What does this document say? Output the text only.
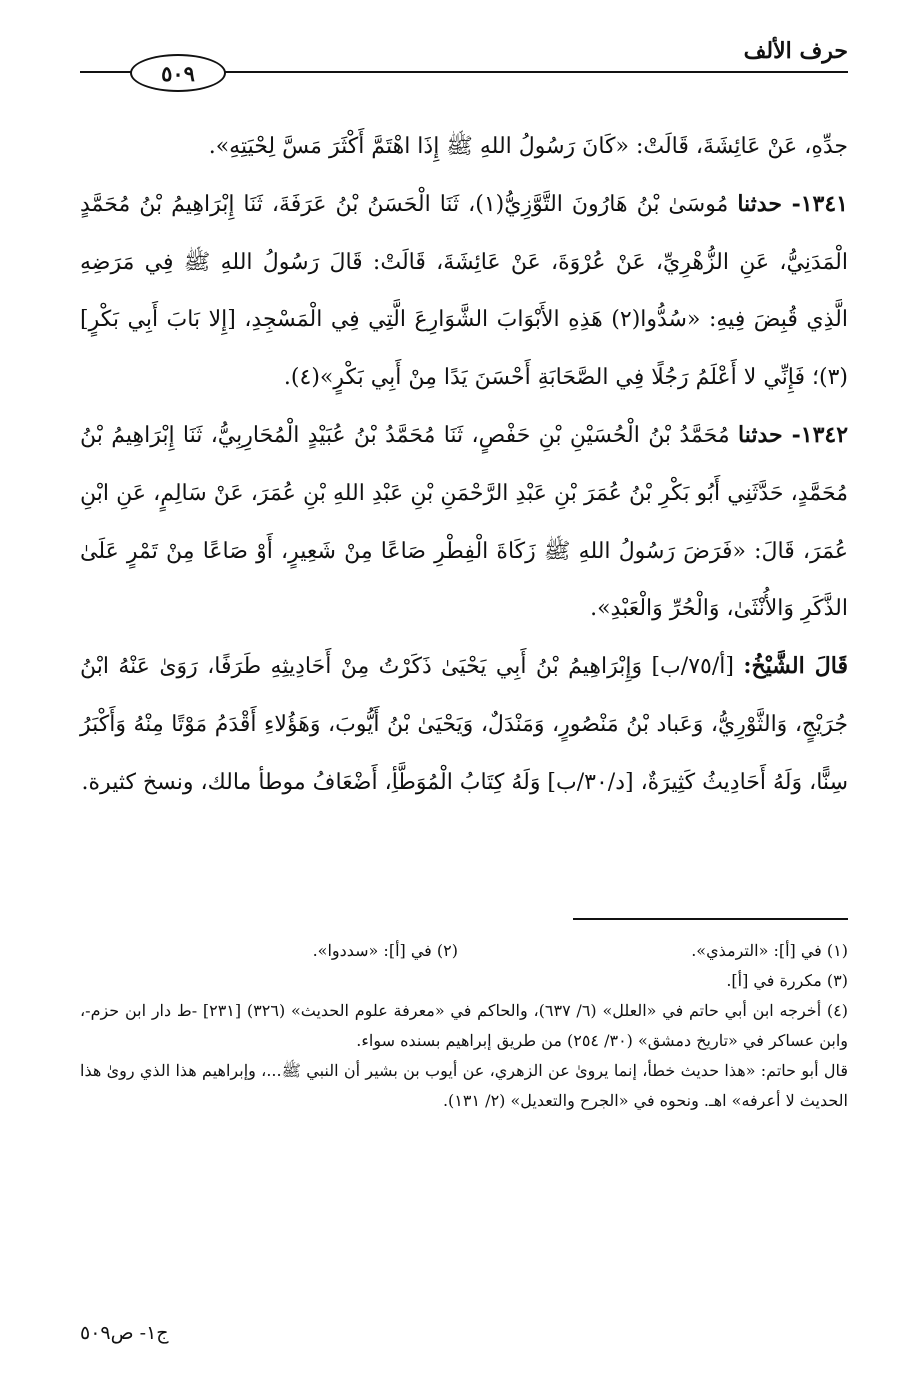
حرف الألف
٥٠٩

جدِّهِ، عَنْ عَائِشَةَ، قَالَتْ: «كَانَ رَسُولُ اللهِ ﷺ إِذَا اهْتَمَّ أَكْثَرَ مَسَّ لِحْيَتِهِ».

١٣٤١- حدثنا مُوسَىٰ بْنُ هَارُونَ التَّوَّزِيُّ(١)، ثَنَا الْحَسَنُ بْنُ عَرَفَةَ، ثَنَا إِبْرَاهِيمُ بْنُ مُحَمَّدٍ الْمَدَنِيُّ، عَنِ الزُّهْرِيِّ، عَنْ عُرْوَةَ، عَنْ عَائِشَةَ، قَالَتْ: قَالَ رَسُولُ اللهِ ﷺ فِي مَرَضِهِ الَّذِي قُبِضَ فِيهِ: «سُدُّوا(٢) هَذِهِ الأَبْوَابَ الشَّوَارِعَ الَّتِي فِي الْمَسْجِدِ، [إِلا بَابَ أَبِي بَكْرٍ](٣)؛ فَإِنِّي لا أَعْلَمُ رَجُلًا فِي الصَّحَابَةِ أَحْسَنَ يَدًا مِنْ أَبِي بَكْرٍ»(٤).

١٣٤٢- حدثنا مُحَمَّدُ بْنُ الْحُسَيْنِ بْنِ حَفْصٍ، ثَنَا مُحَمَّدُ بْنُ عُبَيْدٍ الْمُحَارِبِيُّ، ثَنَا إِبْرَاهِيمُ بْنُ مُحَمَّدٍ، حَدَّثَنِي أَبُو بَكْرِ بْنُ عُمَرَ بْنِ عَبْدِ الرَّحْمَنِ بْنِ عَبْدِ اللهِ بْنِ عُمَرَ، عَنْ سَالِمٍ، عَنِ ابْنِ عُمَرَ، قَالَ: «فَرَضَ رَسُولُ اللهِ ﷺ زَكَاةَ الْفِطْرِ صَاعًا مِنْ شَعِيرٍ، أَوْ صَاعًا مِنْ تَمْرٍ عَلَىٰ الذَّكَرِ وَالأُنْثَىٰ، وَالْحُرِّ وَالْعَبْدِ».

قَالَ الشَّيْخُ: [أ/٧٥/ب] وَإِبْرَاهِيمُ بْنُ أَبِي يَحْيَىٰ ذَكَرْتُ مِنْ أَحَادِيثِهِ طَرَفًا، رَوَىٰ عَنْهُ ابْنُ جُرَيْجٍ، وَالثَّوْرِيُّ، وَعَباد بْنُ مَنْصُورٍ، وَمَنْدَلٌ، وَيَحْيَىٰ بْنُ أَيُّوبَ، وَهَؤُلاءِ أَقْدَمُ مَوْتًا مِنْهُ وَأَكْبَرُ سِنًّا، وَلَهُ أَحَادِيثُ كَثِيرَةٌ، [د/٣٠/ب] وَلَهُ كِتَابُ الْمُوَطَّأِ، أَضْعَافُ موطأ مالك، ونسخ كثيرة.

(١) في [أ]: «الترمذي».
(٢) في [أ]: «سددوا».

(٣) مكررة في [أ].

(٤) أخرجه ابن أبي حاتم في «العلل» (٦/ ٦٣٧)، والحاكم في «معرفة علوم الحديث» (٣٢٦) [٢٣١] -ط دار ابن حزم-، وابن عساكر في «تاريخ دمشق» (٣٠/ ٢٥٤) من طريق إبراهيم بسنده سواء.

قال أبو حاتم: «هذا حديث خطأ، إنما يروىٰ عن الزهري، عن أيوب بن بشير أن النبي ﷺ...، وإبراهيم هذا الذي روىٰ هذا الحديث لا أعرفه» اهـ. ونحوه في «الجرح والتعديل» (٢/ ١٣١).

ج١- ص٥٠٩
